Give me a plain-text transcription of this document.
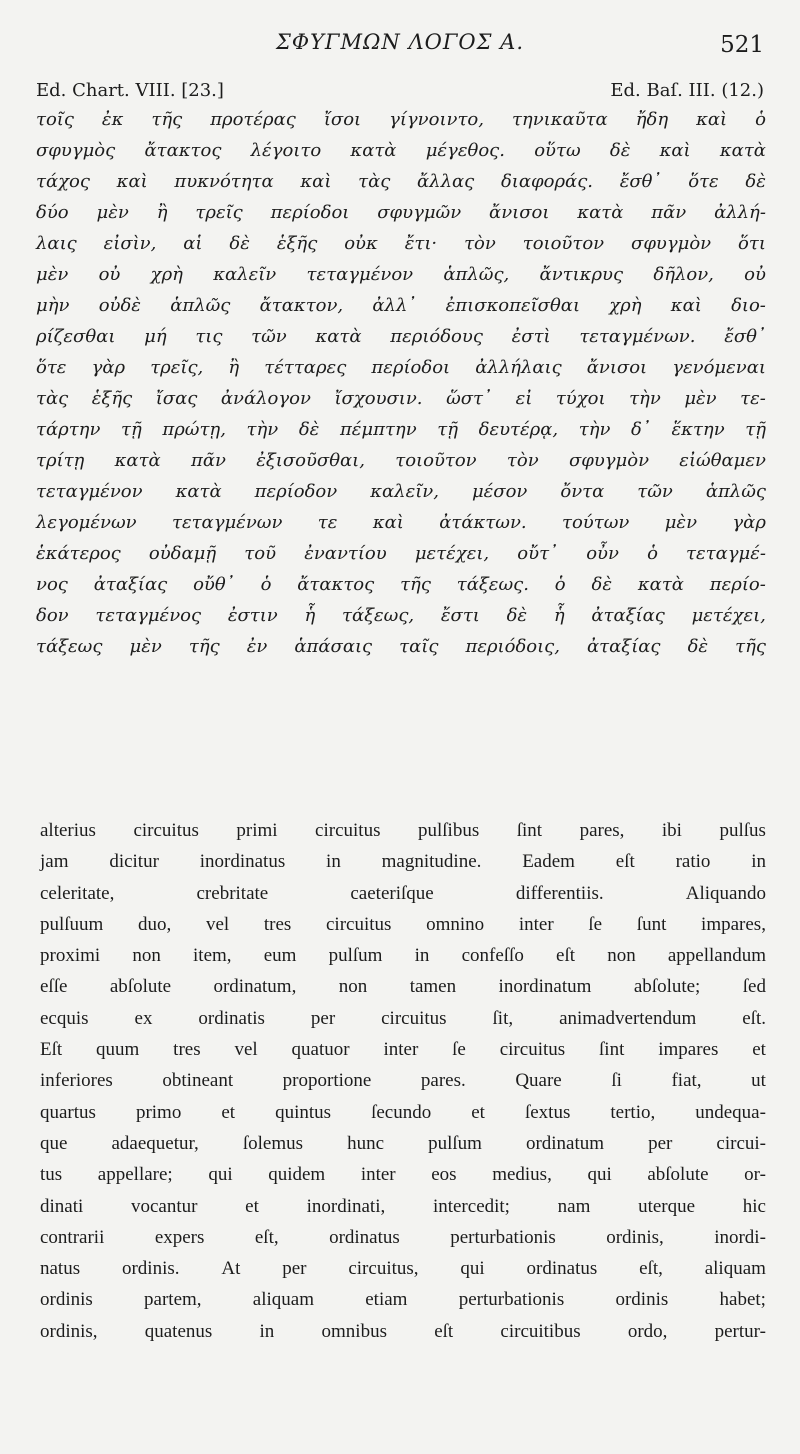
ΣΦΥΓΜΩΝ ΛΟΓΟΣ Α.	521
Ed. Chart. VIII. [23.]	Ed. Baſ. III. (12.)
τοῖς ἐκ τῆς προτέρας ἴσοι γίγνοιντο, τηνικαῦτα ἤδη καὶ ὁ
σφυγμὸς ἄτακτος λέγοιτο κατὰ μέγεθος. οὕτω δὲ καὶ κατὰ
τάχος καὶ πυκνότητα καὶ τὰς ἄλλας διαφοράς. ἔσθ᾽ ὅτε δὲ
δύο μὲν ἢ τρεῖς περίοδοι σφυγμῶν ἄνισοι κατὰ πᾶν ἀλλή-
λαις εἰσὶν, αἱ δὲ ἑξῆς οὐκ ἔτι· τὸν τοιοῦτον σφυγμὸν ὅτι
μὲν οὐ χρὴ καλεῖν τεταγμένον ἁπλῶς, ἄντικρυς δῆλον, οὐ
μὴν οὐδὲ ἁπλῶς ἄτακτον, ἀλλ᾽ ἐπισκοπεῖσθαι χρὴ καὶ διο-
ρίζεσθαι μή τις τῶν κατὰ περιόδους ἐστὶ τεταγμένων. ἔσθ᾽
ὅτε γὰρ τρεῖς, ἢ τέτταρες περίοδοι ἀλλήλαις ἄνισοι γενόμεναι
τὰς ἑξῆς ἴσας ἀνάλογον ἴσχουσιν. ὥστ᾽ εἰ τύχοι τὴν μὲν τε-
τάρτην τῇ πρώτῃ, τὴν δὲ πέμπτην τῇ δευτέρᾳ, τὴν δ᾽ ἕκτην τῇ
τρίτῃ κατὰ πᾶν ἐξισοῦσθαι, τοιοῦτον τὸν σφυγμὸν εἰώθαμεν
τεταγμένον κατὰ περίοδον καλεῖν, μέσον ὄντα τῶν ἁπλῶς
λεγομένων τεταγμένων τε καὶ ἀτάκτων. τούτων μὲν γὰρ
ἑκάτερος οὐδαμῇ τοῦ ἐναντίου μετέχει, οὔτ᾽ οὖν ὁ τεταγμέ-
νος ἀταξίας οὔθ᾽ ὁ ἄτακτος τῆς τάξεως. ὁ δὲ κατὰ περίο-
δον τεταγμένος ἐστιν ἧ τάξεως, ἔστι δὲ ἧ ἀταξίας μετέχει,
τάξεως μὲν τῆς ἐν ἁπάσαις ταῖς περιόδοις, ἀταξίας δὲ τῆς
alterius circuitus primi circuitus pulſibus ſint pares, ibi pulſus
jam dicitur inordinatus in magnitudine. Eadem eſt ratio in
celeritate,	crebritate	caeteriſque	differentiis.	Aliquando
pulſuum duo, vel tres circuitus omnino inter ſe ſunt impares,
proximi non item, eum pulſum in confeſſo eſt non appellandum
eſſe abſolute ordinatum, non tamen inordinatum abſolute; ſed
ecquis ex ordinatis per circuitus ſit, animadvertendum eſt.
Eſt quum tres vel quatuor inter ſe circuitus ſint impares et
inferiores	obtineant	proportione	pares.	Quare	ſi	fiat,	ut
quartus primo et quintus ſecundo et ſextus tertio, undequa-
que adaequetur, ſolemus hunc pulſum ordinatum per circui-
tus appellare; qui quidem inter eos medius, qui abſolute or-
dinati	vocantur	et	inordinati,	intercedit;	nam	uterque	hic
contrarii	expers	eſt,	ordinatus	perturbationis	ordinis,	inordi-
natus ordinis. At per circuitus, qui ordinatus eſt, aliquam
ordinis	partem,	aliquam	etiam	perturbationis	ordinis	habet;
ordinis, quatenus in omnibus eſt circuitibus ordo, pertur-
